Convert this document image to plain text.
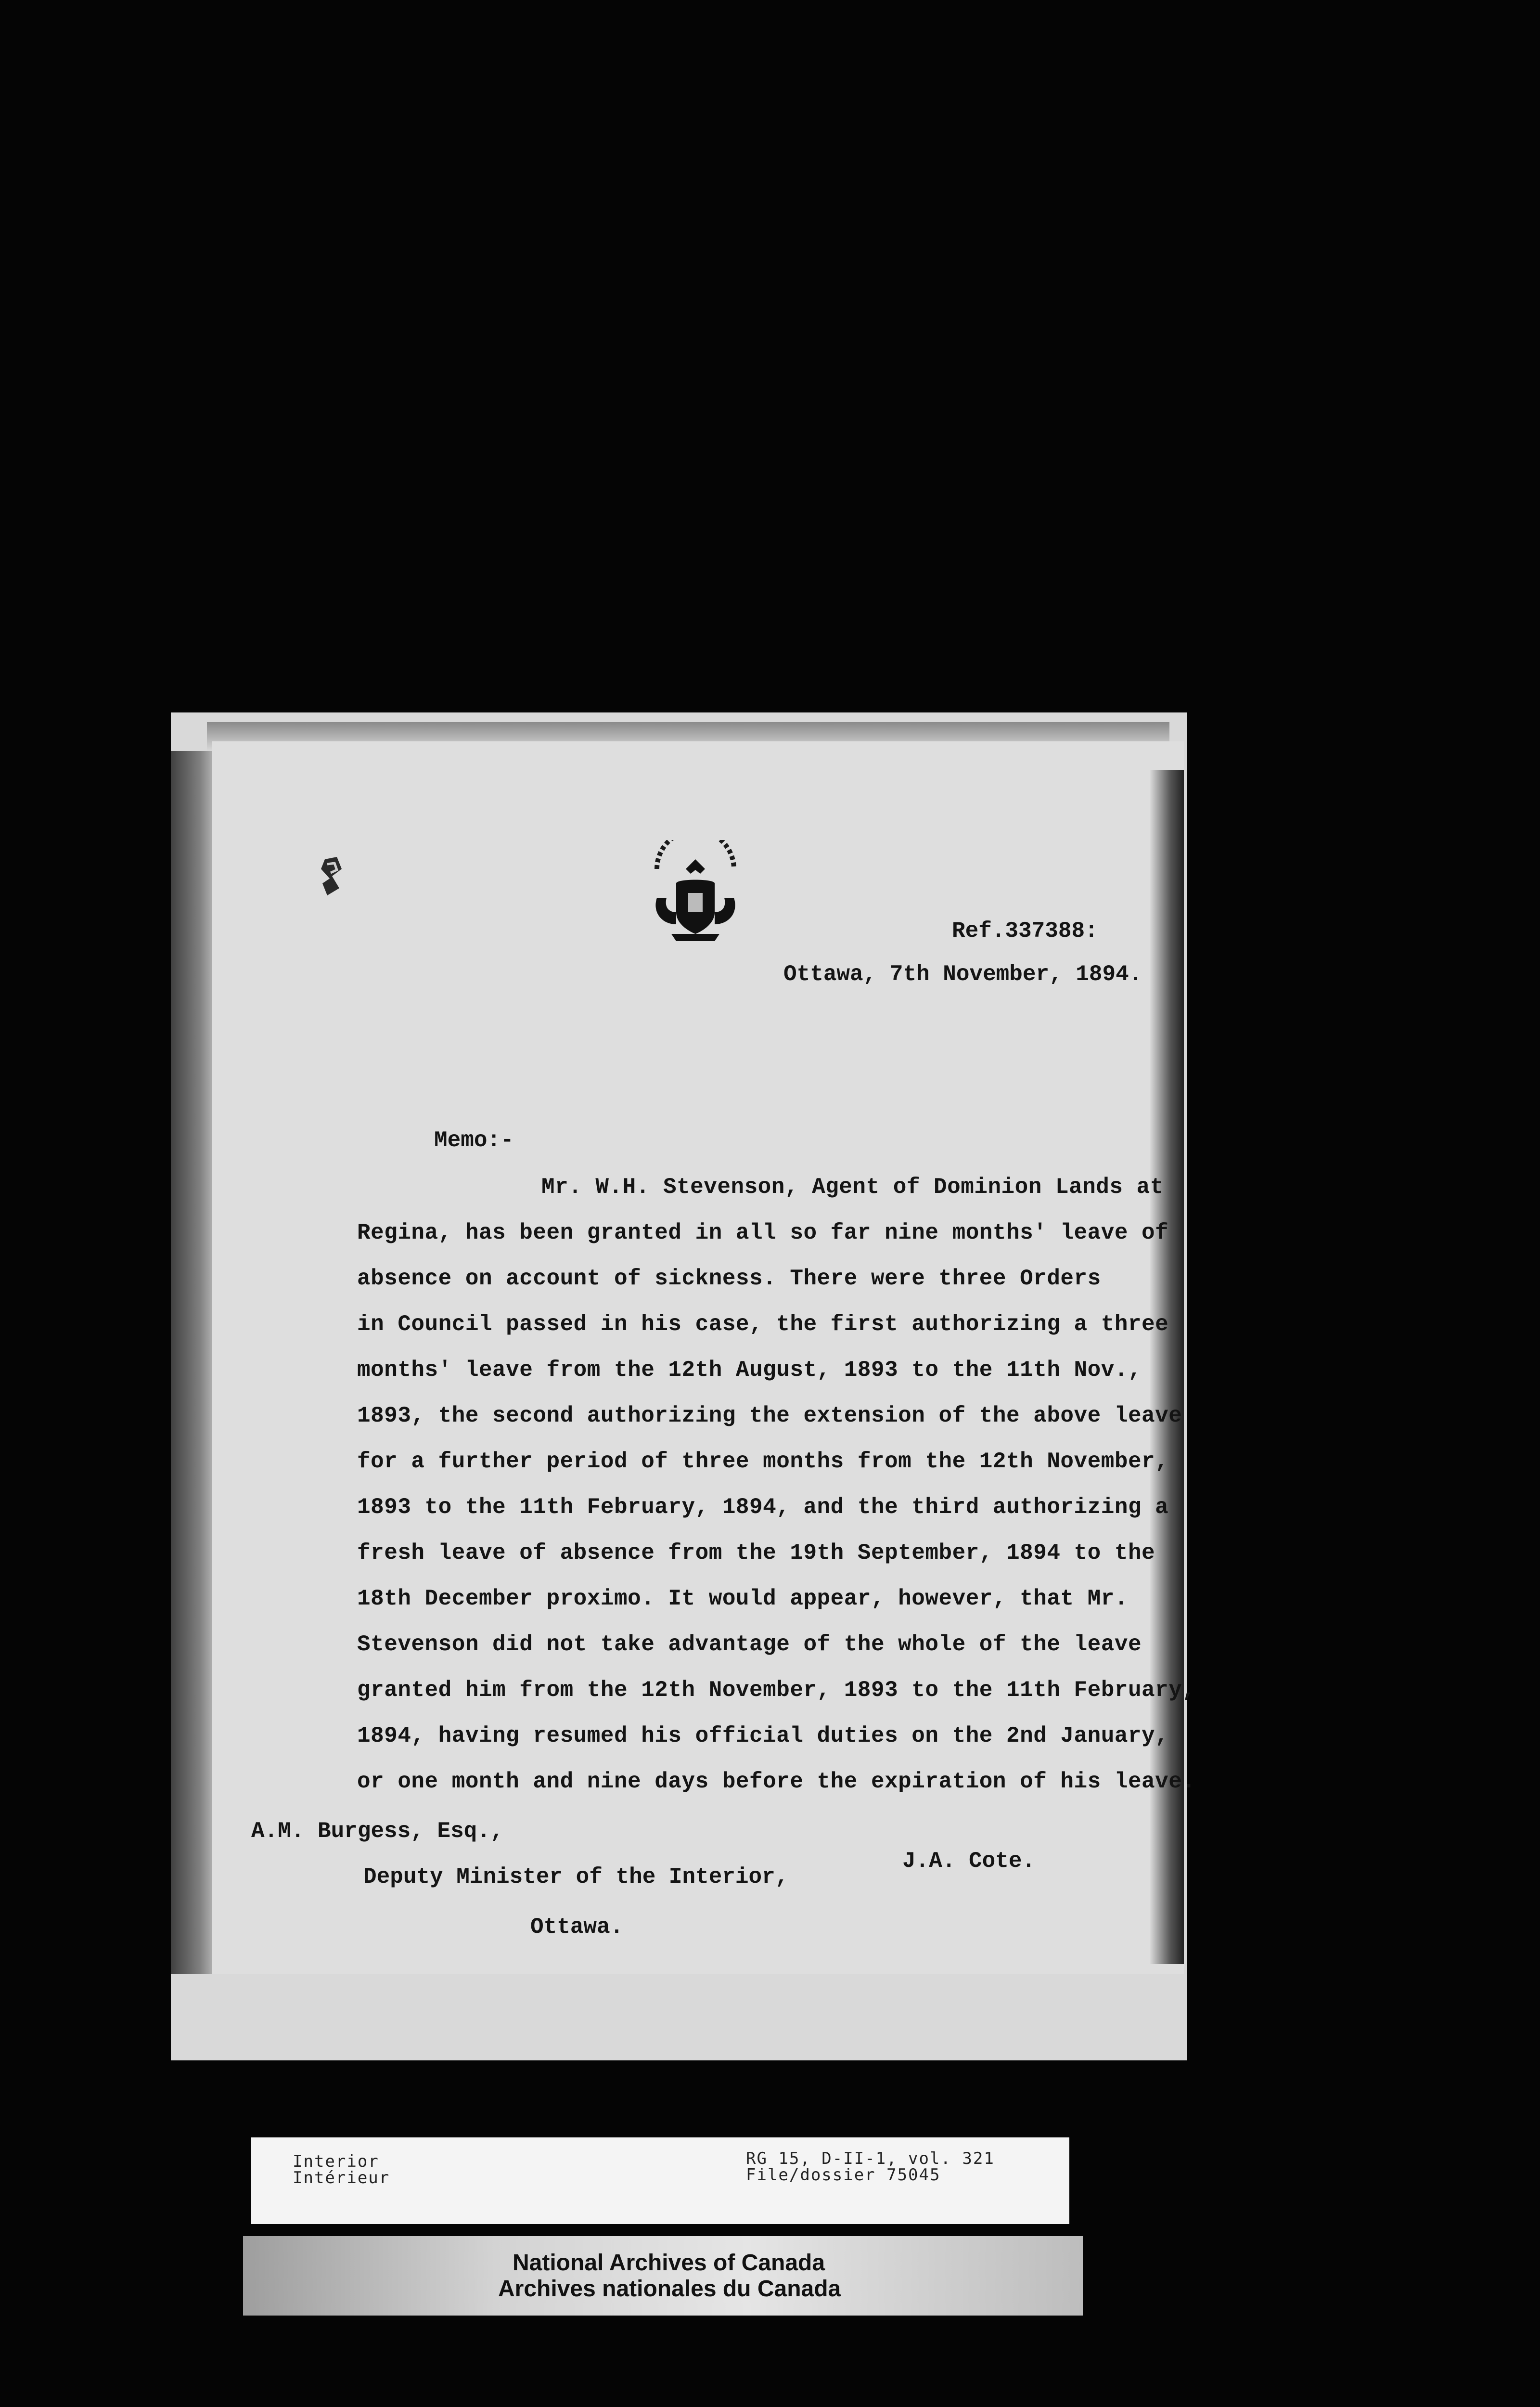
Ref.337388:
Ottawa, 7th November, 1894.
Memo:-
Mr. W.H. Stevenson, Agent of Dominion Lands at
Regina, has been granted in all so far nine months' leave of
absence on account of sickness. There were three Orders
in Council passed in his case, the first authorizing a three
months' leave from the 12th August, 1893 to the 11th Nov.,
1893, the second authorizing the extension of the above leave
for a further period of three months from the 12th November,
1893 to the 11th February, 1894, and the third authorizing a
fresh leave of absence from the 19th September, 1894 to the
18th December proximo. It would appear, however, that Mr.
Stevenson did not take advantage of the whole of the leave
granted him from the 12th November, 1893 to the 11th February,
1894, having resumed his official duties on the 2nd January,
or one month and nine days before the expiration of his leave.
A.M. Burgess, Esq.,
J.A. Cote.
Deputy Minister of the Interior,
Ottawa.
Interior
Intérieur
RG 15, D-II-1, vol. 321
File/dossier 75045
National Archives of Canada
Archives nationales du Canada
